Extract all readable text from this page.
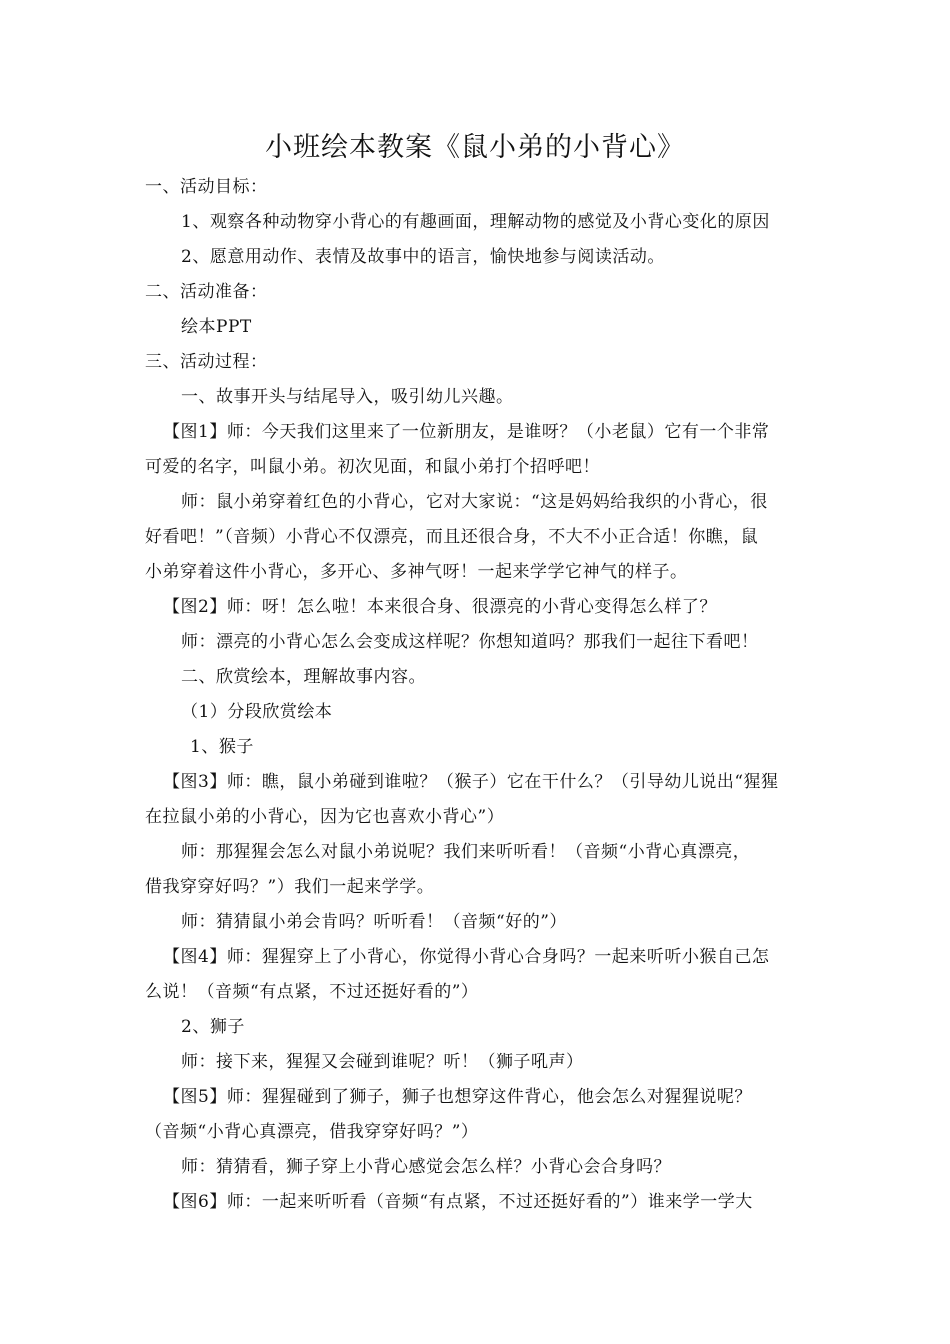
小班绘本教案《鼠小弟的小背心》
一、活动目标：
1、观察各种动物穿小背心的有趣画面，理解动物的感觉及小背心变化的原因
2、愿意用动作、表情及故事中的语言，愉快地参与阅读活动。
二、活动准备：
绘本PPT
三、活动过程：
一、故事开头与结尾导入，吸引幼儿兴趣。
【图1】师：今天我们这里来了一位新朋友，是谁呀？（小老鼠）它有一个非常
可爱的名字，叫鼠小弟。初次见面，和鼠小弟打个招呼吧！
师：鼠小弟穿着红色的小背心，它对大家说：“这是妈妈给我织的小背心，很
好看吧！”（音频）小背心不仅漂亮，而且还很合身，不大不小正合适！你瞧，鼠
小弟穿着这件小背心，多开心、多神气呀！一起来学学它神气的样子。
【图2】师：呀！怎么啦！本来很合身、很漂亮的小背心变得怎么样了？
师：漂亮的小背心怎么会变成这样呢？你想知道吗？那我们一起往下看吧！
二、欣赏绘本，理解故事内容。
（1）分段欣赏绘本
1、猴子
【图3】师：瞧，鼠小弟碰到谁啦？（猴子）它在干什么？（引导幼儿说出“猩猩
在拉鼠小弟的小背心，因为它也喜欢小背心”）
师：那猩猩会怎么对鼠小弟说呢？我们来听听看！（音频“小背心真漂亮，
借我穿穿好吗？”）我们一起来学学。
师：猜猜鼠小弟会肯吗？听听看！（音频“好的”）
【图4】师：猩猩穿上了小背心，你觉得小背心合身吗？一起来听听小猴自己怎
么说！（音频“有点紧，不过还挺好看的”）
2、狮子
师：接下来，猩猩又会碰到谁呢？听！（狮子吼声）
【图5】师：猩猩碰到了狮子，狮子也想穿这件背心，他会怎么对猩猩说呢？
（音频“小背心真漂亮，借我穿穿好吗？”）
师：猜猜看，狮子穿上小背心感觉会怎么样？小背心会合身吗？
【图6】师：一起来听听看（音频“有点紧，不过还挺好看的”）谁来学一学大
